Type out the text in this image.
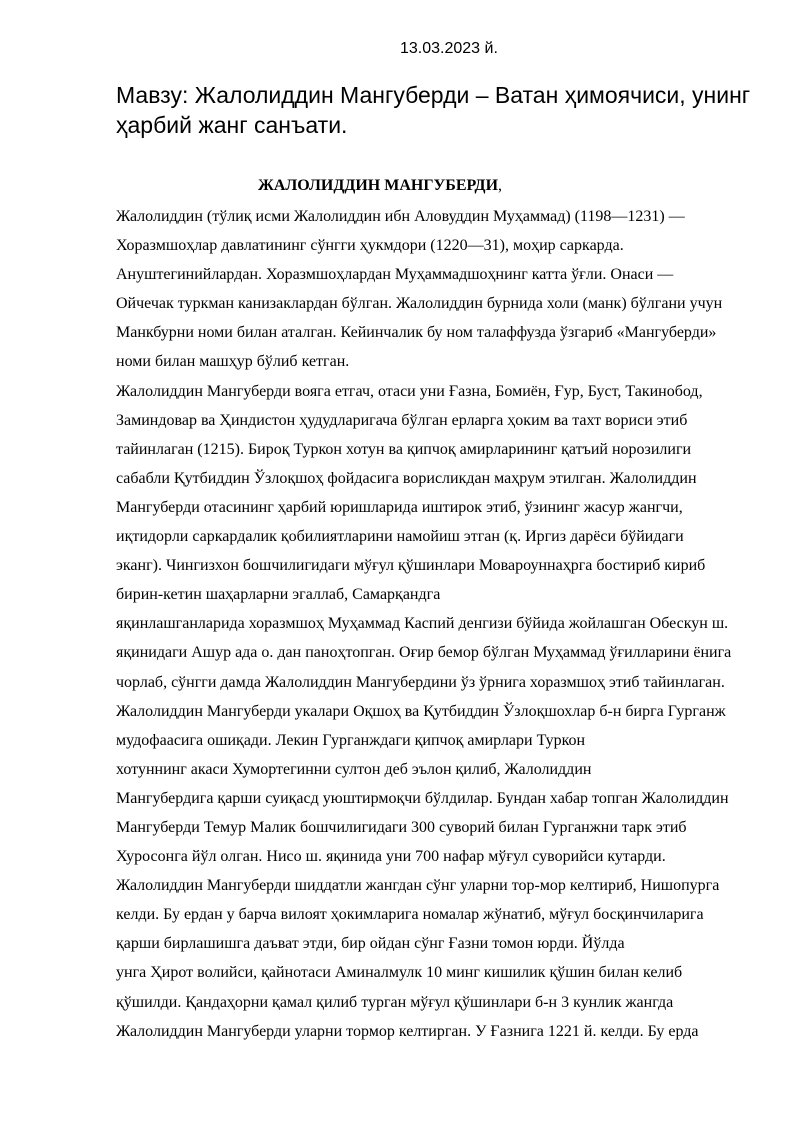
13.03.2023 й.
Мавзу: Жалолиддин Мангуберди – Ватан ҳимоячиси, унинг
ҳарбий жанг санъати.
ЖАЛОЛИДДИН МАНГУБЕРДИ,
Жалолиддин (тўлиқ исми Жалолиддин ибн Аловуддин Муҳаммад) (1198—1231) —
Хоразмшоҳлар давлатининг сўнгги ҳукмдори (1220—31), моҳир саркарда.
Ануштегинийлардан. Хоразмшоҳлардан Муҳаммадшоҳнинг катта ўғли. Онаси —
Ойчечак туркман канизаклардан бўлган. Жалолиддин бурнида холи (манк) бўлгани учун
Манкбурни номи билан аталган. Кейинчалик бу ном талаффузда ўзгариб «Мангуберди»
номи билан машҳур бўлиб кетган.
Жалолиддин Мангуберди вояга етгач, отаси уни Ғазна, Бомиён, Ғур, Буст, Такинобод,
Заминдовар ва Ҳиндистон ҳудудларигача бўлган ерларга ҳоким ва тахт вориси этиб
тайинлаган (1215). Бироқ Туркон хотун ва қипчоқ амирларининг қатъий норозилиги
сабабли Қутбиддин Ўзлоқшоҳ фойдасига ворисликдан маҳрум этилган. Жалолиддин
Мангуберди отасининг ҳарбий юришларида иштирок этиб, ўзининг жасур жангчи,
иқтидорли саркардалик қобилиятларини намойиш этган (қ. Иргиз дарёси бўйидаги
эканг). Чингизхон бошчилигидаги мўғул қўшинлари Мовароуннаҳрга бостириб кириб
бирин-кетин шаҳарларни эгаллаб, Самарқандга
яқинлашганларида хоразмшоҳ Муҳаммад Каспий денгизи бўйида жойлашган Обескун ш.
яқинидаги Ашур ада о. дан паноҳтопган. Оғир бемор бўлган Муҳаммад ўғилларини ёнига
чорлаб, сўнгги дамда Жалолиддин Мангубердини ўз ўрнига хоразмшоҳ этиб тайинлаган.
Жалолиддин Мангуберди укалари Оқшоҳ ва Қутбиддин Ўзлоқшохлар б-н бирга Гурганж
мудофаасига ошиқади. Лекин Гурганждаги қипчоқ амирлари Туркон
хотуннинг акаси Хумортегинни султон деб эълон қилиб, Жалолиддин
Мангубердига қарши суиқасд уюштирмоқчи бўлдилар. Бундан хабар топган Жалолиддин
Мангуберди Темур Малик бошчилигидаги 300 суворий билан Гурганжни тарк этиб
Хуросонга йўл олган. Нисо ш. яқинида уни 700 нафар мўғул суворийси кутарди.
Жалолиддин Мангуберди шиддатли жангдан сўнг уларни тор-мор келтириб, Нишопурга
келди. Бу ердан у барча вилоят ҳокимларига номалар жўнатиб, мўғул босқинчиларига
қарши бирлашишга даъват этди, бир ойдан сўнг Ғазни томон юрди. Йўлда
унга Ҳирот волийси, қайнотаси Аминалмулк 10 минг кишилик қўшин билан келиб
қўшилди. Қандаҳорни қамал қилиб турган мўғул қўшинлари б-н 3 кунлик жангда
Жалолиддин Мангуберди уларни тормор келтирган. У Ғазнига 1221 й. келди. Бу ерда
